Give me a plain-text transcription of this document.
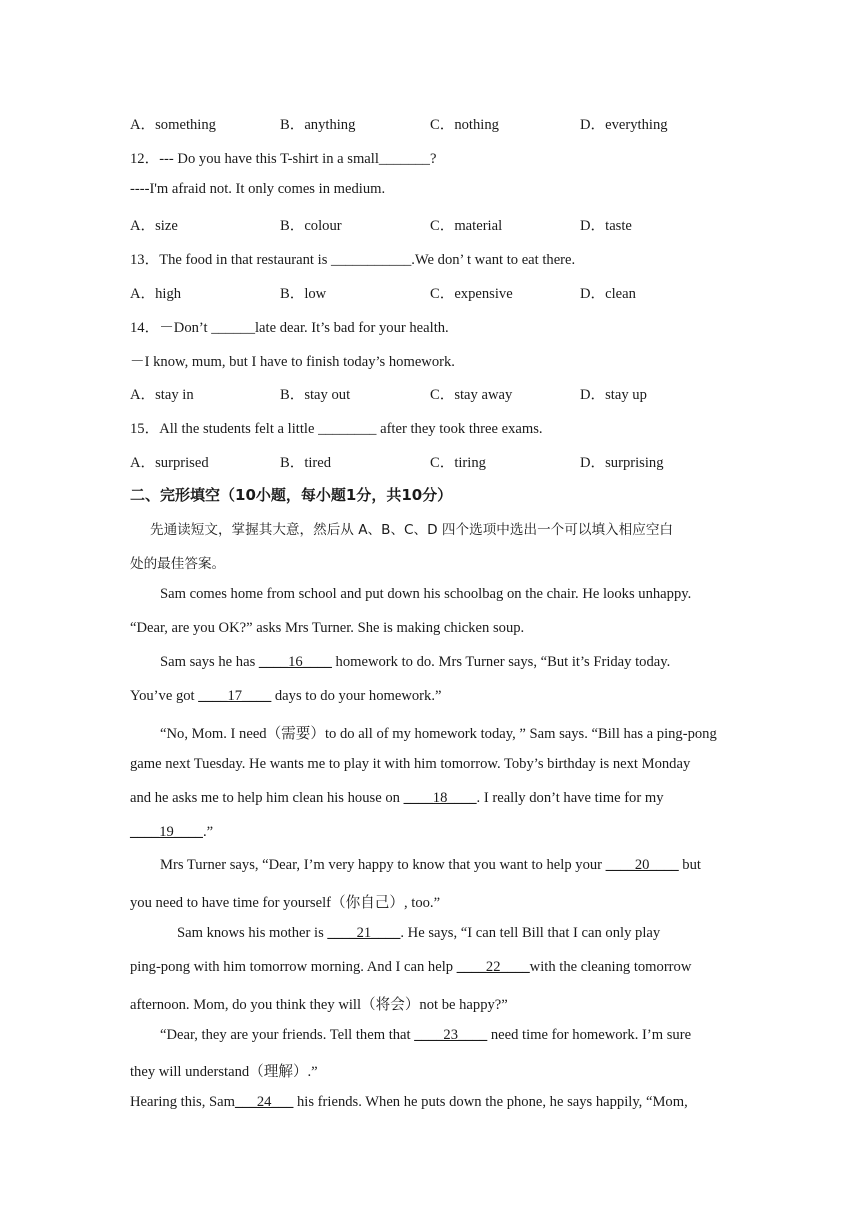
A．something	B．anything	C．nothing	D．everything
12．--- Do you have this T-shirt in a small_______?
----I'm afraid not. It only comes in medium.
A．size	B．colour	C．material	D．taste
13．The food in that restaurant is ___________.We don’ t want to eat there.
A．high	B．low	C．expensive	D．clean
14．－Don’t ______late dear. It’s bad for your health.
－I know, mum, but I have to finish today’s homework.
A．stay in	B．stay out	C．stay away	D．stay up
15．All the students felt a little ________ after they took three exams.
A．surprised	B．tired	C．tiring	D．surprising
二、完形填空（10小题，每小题1分，共10分）
先通读短文，掌握其大意，然后从 A、B、C、D 四个选项中选出一个可以填入相应空白
处的最佳答案。
Sam comes home from school and put down his schoolbag on the chair. He looks unhappy.
“Dear, are you OK?” asks Mrs Turner. She is making chicken soup.
Sam says he has ____16____ homework to do. Mrs Turner says, “But it’s Friday today.
You’ve got ____17____ days to do your homework.”
“No, Mom. I need（需要）to do all of my homework today, ” Sam says. “Bill has a ping-pong
game next Tuesday. He wants me to play it with him tomorrow. Toby’s birthday is next Monday
and he asks me to help him clean his house on ____18____. I really don’t have time for my
____19____.”
Mrs Turner says, “Dear, I’m very happy to know that you want to help your ____20____ but
you need to have time for yourself（你自己）, too.”
Sam knows his mother is ____21____. He says, “I can tell Bill that I can only play
ping-pong with him tomorrow morning. And I can help ____22____with the cleaning tomorrow
afternoon. Mom, do you think they will（将会）not be happy?”
“Dear, they are your friends. Tell them that ____23____ need time for homework. I’m sure
they will understand（理解）.”
Hearing this, Sam___24___ his friends. When he puts down the phone, he says happily, “Mom,
